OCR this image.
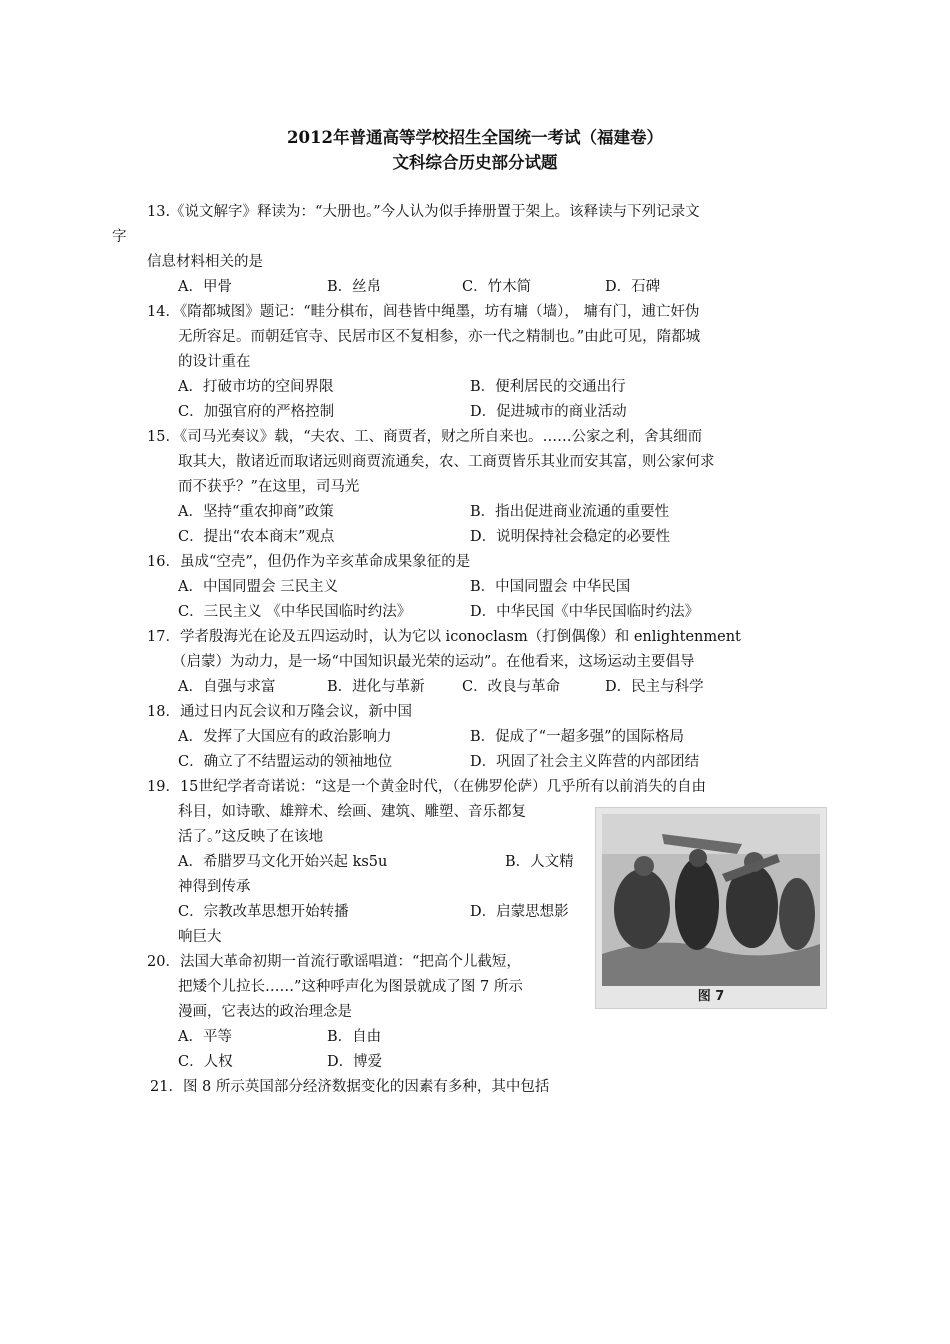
2012年普通高等学校招生全国统一考试（福建卷）
文科综合历史部分试题
13.《说文解字》释读为：“大册也。”今人认为似手捧册置于架上。该释读与下列记录文
字
信息材料相关的是
A．甲骨	B．丝帛	C．竹木简	D．石碑
14．《隋都城图》题记：“畦分棋布，闾巷皆中绳墨，坊有墉（墙）， 墉有门，逋亡奸伪
无所容足。而朝廷官寺、民居市区不复相参，亦一代之精制也。”由此可见，隋都城
的设计重在
A．打破市坊的空间界限	B．便利居民的交通出行
C．加强官府的严格控制	D．促进城市的商业活动
15．《司马光奏议》载，“夫农、工、商贾者，财之所自来也。……公家之利，舍其细而
取其大，散诸近而取诸远则商贾流通矣，农、工商贾皆乐其业而安其富，则公家何求
而不获乎？”在这里，司马光
A．坚持“重农抑商”政策	B．指出促进商业流通的重要性
C．提出“农本商末”观点	D．说明保持社会稳定的必要性
16．虽成“空壳”，但仍作为辛亥革命成果象征的是
A．中国同盟会 三民主义	B．中国同盟会 中华民国
C．三民主义 《中华民国临时约法》	D．中华民国《中华民国临时约法》
17．学者殷海光在论及五四运动时，认为它以 iconoclasm（打倒偶像）和 enlightenment
（启蒙）为动力，是一场“中国知识最光荣的运动”。在他看来，这场运动主要倡导
A．自强与求富	B．进化与革新	C．改良与革命	D．民主与科学
18．通过日内瓦会议和万隆会议，新中国
A．发挥了大国应有的政治影响力	B．促成了“一超多强”的国际格局
C．确立了不结盟运动的领袖地位	D．巩固了社会主义阵营的内部团结
19．15世纪学者奇诺说：“这是一个黄金时代，（在佛罗伦萨）几乎所有以前消失的自由
科目，如诗歌、雄辩术、绘画、建筑、雕塑、音乐都复
活了。”这反映了在该地
A．希腊罗马文化开始兴起 ks5u	B．人文精
神得到传承
C．宗教改革思想开始转播	D．启蒙思想影
响巨大
20．法国大革命初期一首流行歌谣唱道：“把高个儿截短，
把矮个儿拉长……”这种呼声化为图景就成了图 7 所示
漫画，它表达的政治理念是
A．平等	B．自由
C．人权	D．博爱
21．图 8 所示英国部分经济数据变化的因素有多种，其中包括
图 7
